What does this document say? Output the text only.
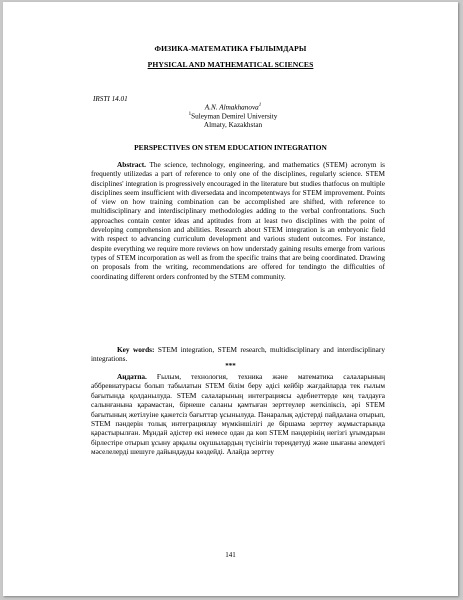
ФИЗИКА-МАТЕМАТИКА ҒЫЛЫМДАРЫ
PHYSICAL AND MATHEMATICAL SCIENCES
IRSTI 14.01
A.N. Almakhanova$^1$
$^1$Suleyman Demirel University
Almaty, Kazakhstan
PERSPECTIVES ON STEM EDUCATION INTEGRATION
Abstract. The science, technology, engineering, and mathematics (STEM) acronym is frequently utilizedas a part of reference to only one of the disciplines, regularly science. STEM disciplines' integration is progressively encouraged in the literature but studies thatfocus on multiple disciplines seem insufficient with diversedata and incompetentways for STEM improvement. Points of view on how training combination can be accomplished are shifted, with reference to multidisciplinary and interdisciplinary methodologies adding to the verbal confrontations. Such approaches contain center ideas and aptitudes from at least two disciplines with the point of developing comprehension and abilities. Research about STEM integration is an embryonic field with respect to advancing curriculum development and various student outcomes. For instance, despite everything we require more reviews on how understady gaining results emerge from various types of STEM incorporation as well as from the specific trains that are being coordinated. Drawing on proposals from the writing, recommendations are offered for tendingto the difficulties of coordinating different orders confronted by the STEM community.
Key words: STEM integration, STEM research, multidisciplinary and interdisciplinary integrations.
***
Аңдатпа. Ғылым, технология, техника және математика салаларының аббревиатурасы болып табылатын STEM білім беру әдісі кейбір жағдайларда тек ғылым бағытында қолданылуда. STEM салаларының интеграциясы әдебиеттерде кең талдауға салынғанына қарамастан, бірнеше саланы қамтыған зерттеулер жеткіліксіз, әрі STEM бағытының жетілуіне қажетсіз бағыттар ұсынылуда. Пәнаралық әдістерді пайдалана отырып, STEM пәндерін толық интеграциялау мүмкіншілігі де біршама зерттеу жұмыстарында қарастырылған. Мұндай әдістер екі немесе одан да көп STEM пәндерінің негізгі ұғымдарын бірлестіре отырып ұсыну арқылы оқушылардың түсінігін тереңдетуді және шығаны әлемдегі мәселелерді шешуге дайындауды көздейді. Алайда зерттеу
141
